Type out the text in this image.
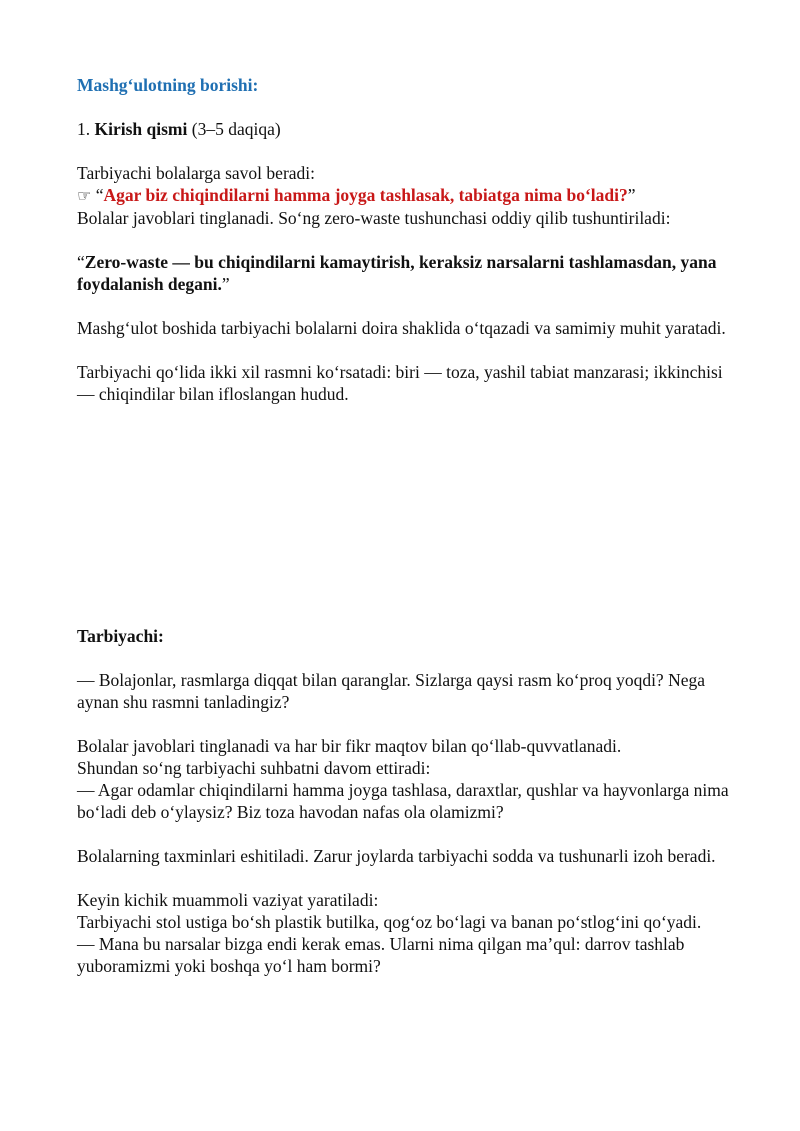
Mashg‘ulotning borishi:

1. Kirish qismi (3–5 daqiqa)

Tarbiyachi bolalarga savol beradi:

☞ “Agar biz chiqindilarni hamma joyga tashlasak, tabiatga nima bo‘ladi?”

Bolalar javoblari tinglanadi. So‘ng zero-waste tushunchasi oddiy qilib tushuntiriladi:

“Zero-waste — bu chiqindilarni kamaytirish, keraksiz narsalarni tashlamasdan, yana foydalanish degani.”

Mashg‘ulot boshida tarbiyachi bolalarni doira shaklida o‘tqazadi va samimiy muhit yaratadi.

Tarbiyachi qo‘lida ikki xil rasmni ko‘rsatadi: biri — toza, yashil tabiat manzarasi; ikkinchisi — chiqindilar bilan ifloslangan hudud.

Tarbiyachi:

— Bolajonlar, rasmlarga diqqat bilan qaranglar. Sizlarga qaysi rasm ko‘proq yoqdi? Nega aynan shu rasmni tanladingiz?

Bolalar javoblari tinglanadi va har bir fikr maqtov bilan qo‘llab-quvvatlanadi.

Shundan so‘ng tarbiyachi suhbatni davom ettiradi:

— Agar odamlar chiqindilarni hamma joyga tashlasa, daraxtlar, qushlar va hayvonlarga nima bo‘ladi deb o‘ylaysiz? Biz toza havodan nafas ola olamizmi?

Bolalarning taxminlari eshitiladi. Zarur joylarda tarbiyachi sodda va tushunarli izoh beradi.

Keyin kichik muammoli vaziyat yaratiladi:

Tarbiyachi stol ustiga bo‘sh plastik butilka, qog‘oz bo‘lagi va banan po‘stlog‘ini qo‘yadi.

— Mana bu narsalar bizga endi kerak emas. Ularni nima qilgan ma’qul: darrov tashlab yuboramizmi yoki boshqa yo‘l ham bormi?
